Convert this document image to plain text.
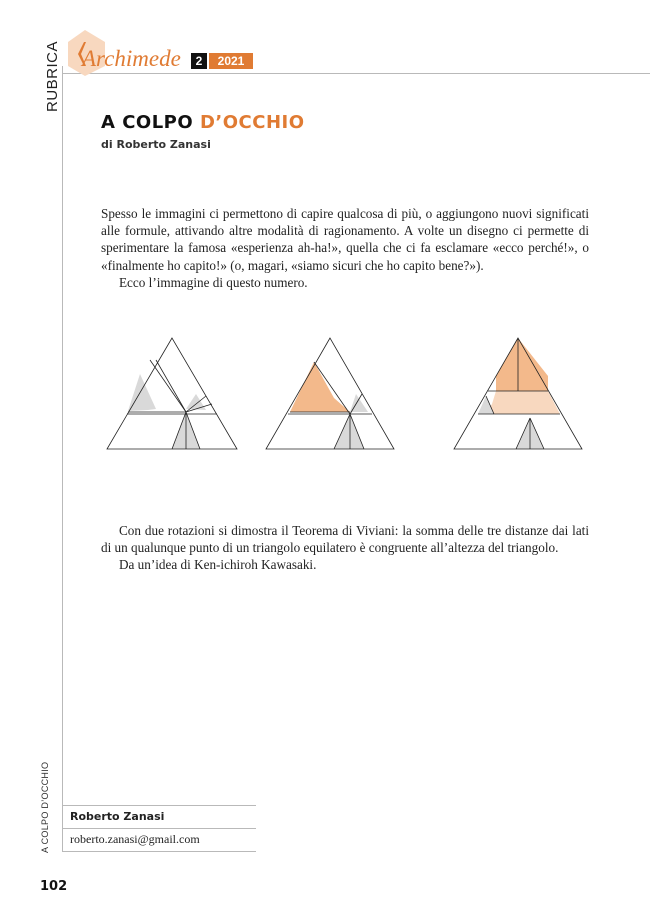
RUBRICA Archimede	2	2021
A COLPO D’OCCHIO
di Roberto Zanasi

Spesso le immagini ci permettono di capire qualcosa di più, o aggiungono nuovi significati alle formule, attivando altre modalità di ragionamento. A volte un disegno ci permette di sperimentare la famosa «esperienza ah-ha!», quella che ci fa esclamare «ecco perché!», o «finalmente ho capito!» (o, magari, «siamo sicuri che ho capito bene?»).

Ecco l’immagine di questo numero.

Con due rotazioni si dimostra il Teorema di Viviani: la somma delle tre distanze dai lati di un qualunque punto di un triangolo equilatero è congruente all’altezza del triangolo.

Da un’idea di Ken-ichiroh Kawasaki.

A COLPO D’OCCHIO Roberto Zanasi
roberto.zanasi@gmail.com
102
